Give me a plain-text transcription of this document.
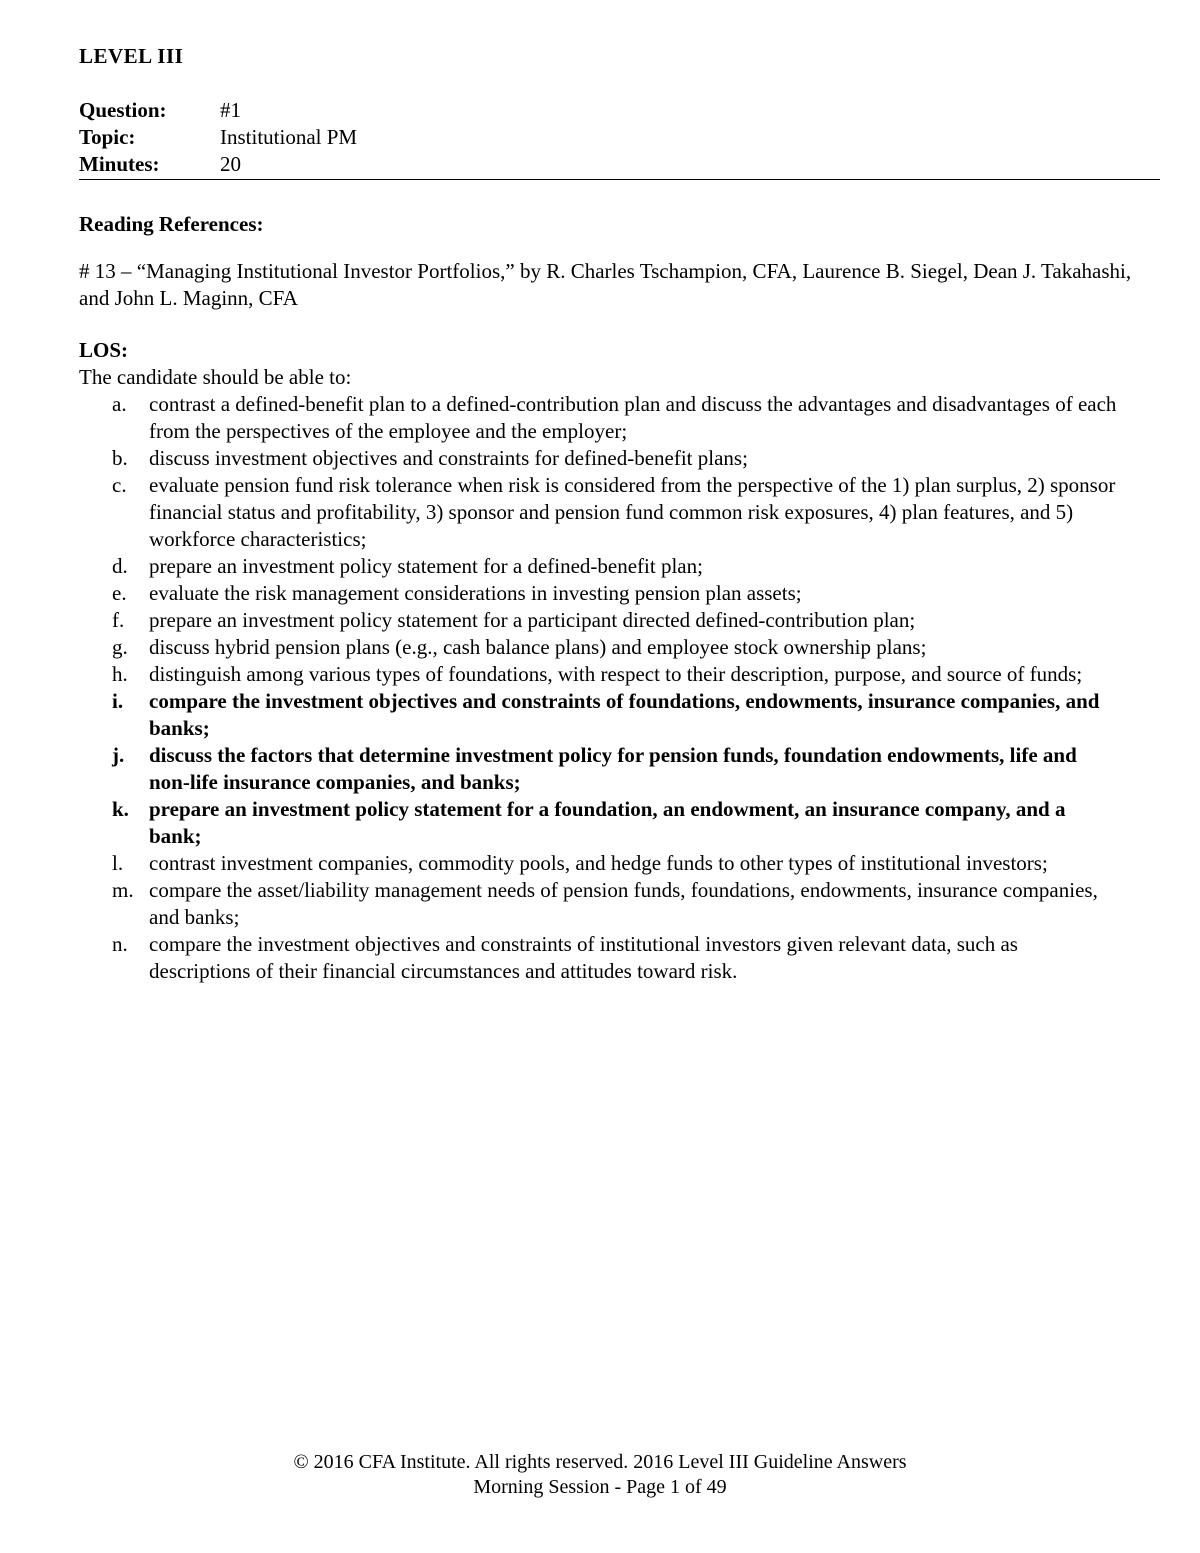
LEVEL III
Question:	#1
Topic:	Institutional PM
Minutes:	20
Reading References:
# 13 – “Managing Institutional Investor Portfolios,” by R. Charles Tschampion, CFA, Laurence B. Siegel, Dean J. Takahashi, and John L. Maginn, CFA
LOS:
The candidate should be able to:
a.	contrast a defined-benefit plan to a defined-contribution plan and discuss the advantages and disadvantages of each from the perspectives of the employee and the employer;
b.	discuss investment objectives and constraints for defined-benefit plans;
c.	evaluate pension fund risk tolerance when risk is considered from the perspective of the 1) plan surplus, 2) sponsor financial status and profitability, 3) sponsor and pension fund common risk exposures, 4) plan features, and 5) workforce characteristics;
d.	prepare an investment policy statement for a defined-benefit plan;
e.	evaluate the risk management considerations in investing pension plan assets;
f.	prepare an investment policy statement for a participant directed defined-contribution plan;
g.	discuss hybrid pension plans (e.g., cash balance plans) and employee stock ownership plans;
h.	distinguish among various types of foundations, with respect to their description, purpose, and source of funds;
i.	compare the investment objectives and constraints of foundations, endowments, insurance companies, and banks;
j.	discuss the factors that determine investment policy for pension funds, foundation endowments, life and non-life insurance companies, and banks;
k. prepare an investment policy statement for a foundation, an endowment, an insurance company, and a bank;
l.	contrast investment companies, commodity pools, and hedge funds to other types of institutional investors;
m. compare the asset/liability management needs of pension funds, foundations, endowments, insurance companies, and banks;
n.	compare the investment objectives and constraints of institutional investors given relevant data, such as descriptions of their financial circumstances and attitudes toward risk.
© 2016 CFA Institute. All rights reserved. 2016 Level III Guideline Answers
Morning Session - Page 1 of 49
